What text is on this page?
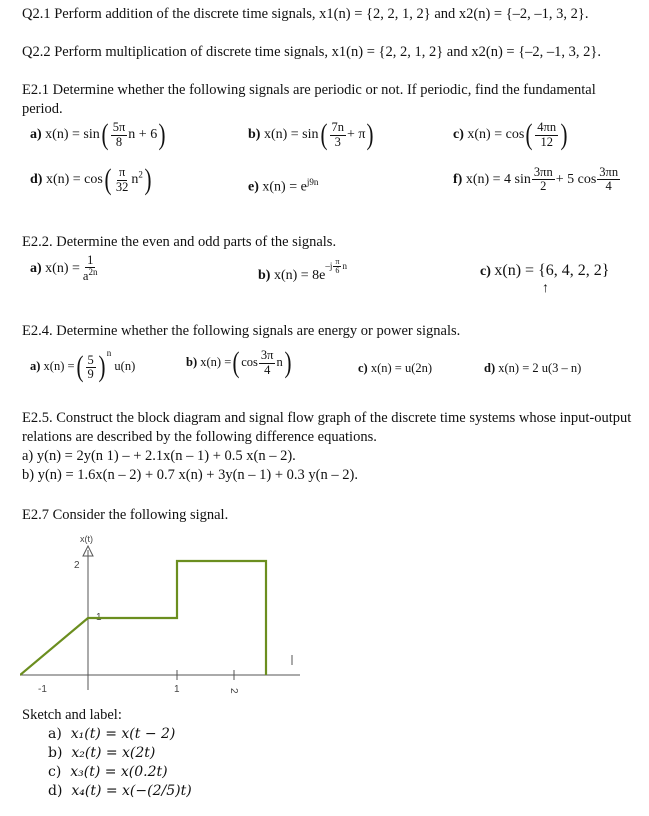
Q2.1 Perform addition of the discrete time signals, x1(n) = {2, 2, 1, 2} and x2(n) = {–2, –1, 3, 2}.
Q2.2 Perform multiplication of discrete time signals, x1(n) = {2, 2, 1, 2} and x2(n) = {–2, –1, 3, 2}.
E2.1 Determine whether the following signals are periodic or not. If periodic, find the fundamental
period.
a) $x(n) = \sin( \frac{5\pi}{8}$ n + 6)	b) $x(n) = \sin( \frac{7n}{3} + \pi)$	c) $x(n) = \cos( \frac{4\pi n}{12}$ )
d) $x(n) = \cos( \frac{\pi}{32} n^2)$	e) $x(n) = e^{j9n}$	f) x(n) = 4 $\sin \frac{3\pi n}{2} + 5$ $\cos \frac{3\pi n}{4}$
E2.2. Determine the even and odd parts of the signals.
a) $x(n) = \frac{1}{a^{2n}}$	b) $x(n) = 8e^{-j \frac{\pi}{6} n}$	c) x(n) = {6, 4, 2, 2}
↑
E2.4. Determine whether the following signals are energy or power signals.
a) x(n) =( $\frac{5}{9}$ ) $^n$ u(n)	b) x(n) =( $\cos \frac{3\pi}{4} n$)	c) x(n) = u(2n)	d) x(n) = 2 u(3 – n)
E2.5. Construct the block diagram and signal flow graph of the discrete time systems whose input-output
relations are described by the following difference equations.
a) y(n) = 2y(n 1) – + 2.1x(n – 1) + 0.5 x(n – 2).
b) y(n) = 1.6x(n – 2) + 0.7 x(n) + 3y(n – 1) + 0.3 y(n – 2).
E2.7 Consider the following signal.
x(t)
2
1
-1	1	2
Sketch and label:
a) x₁(t) = x(t − 2)
b) x₂(t) = x(2t)
c) x₃(t) = x(0.2t)
d) x₄(t) = x(−(2/5)t)
